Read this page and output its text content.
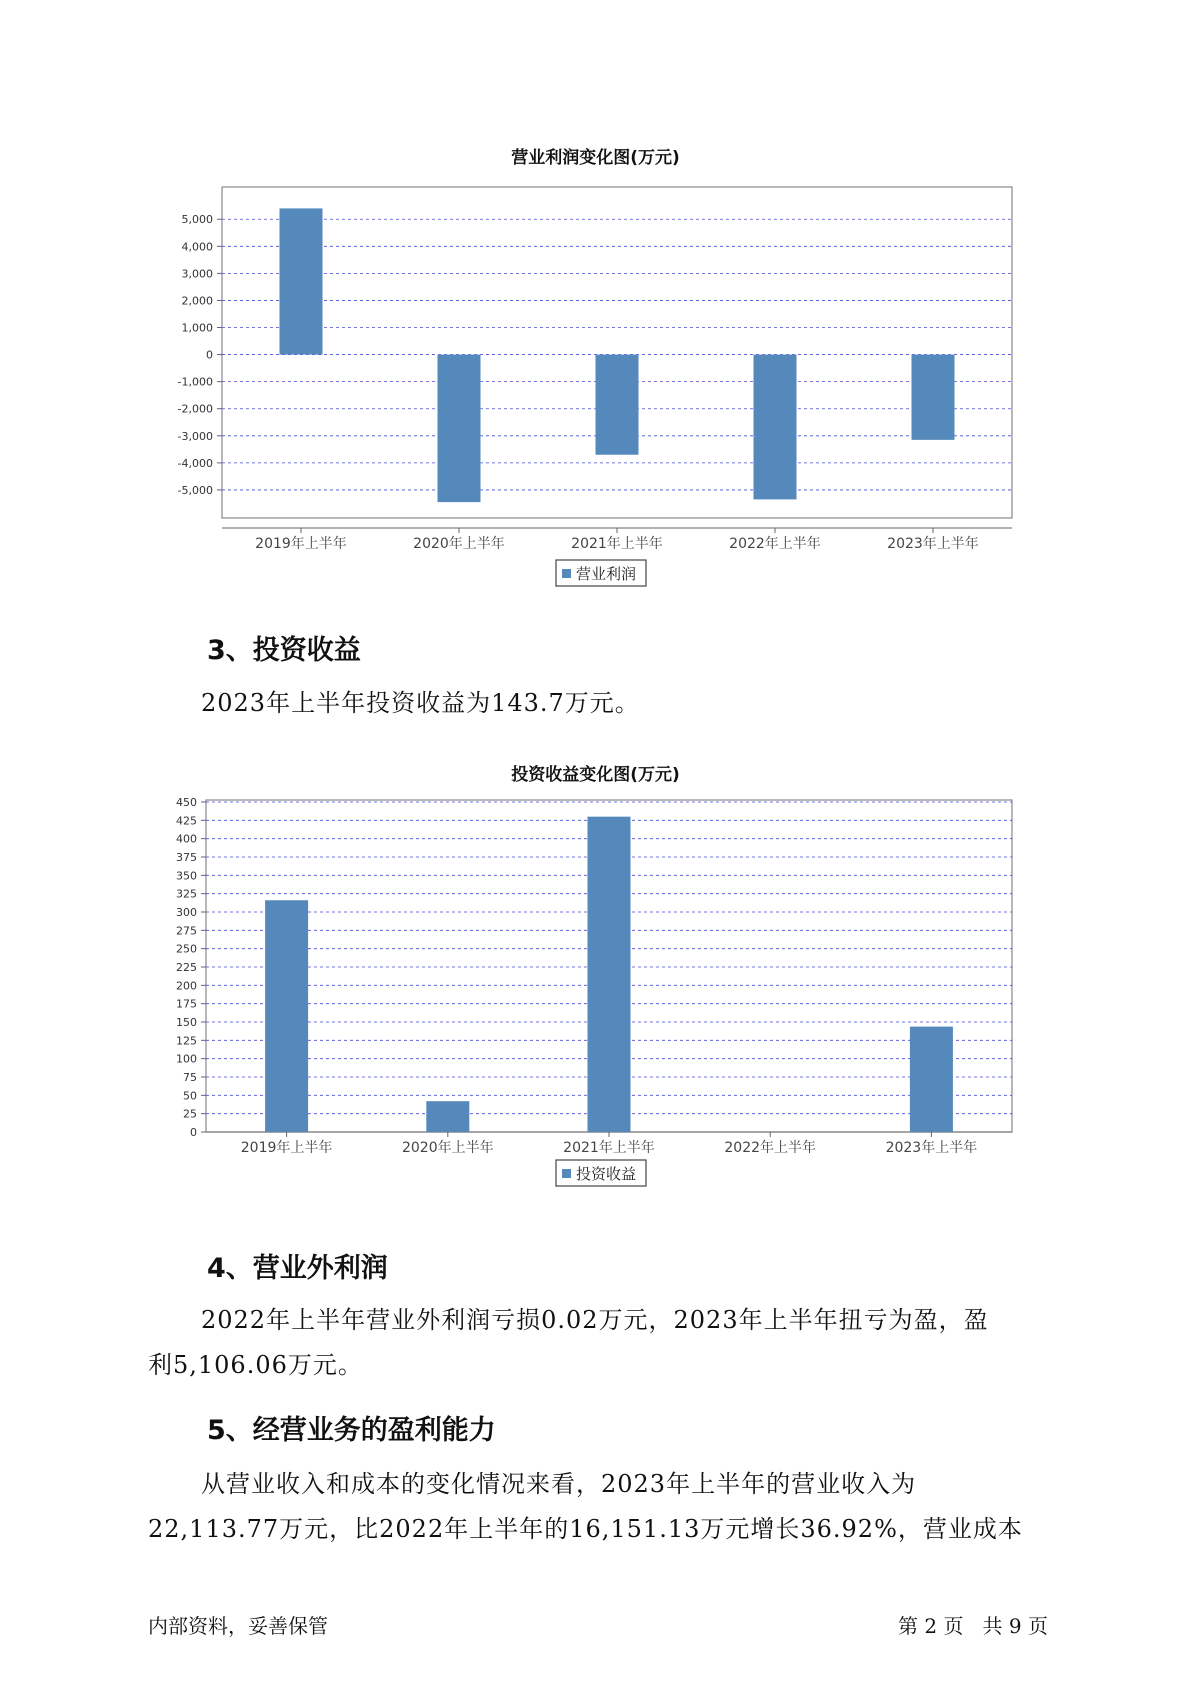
营业利润变化图(万元)
5,000
4,000
3,000
2,000
1,000
0
-1,000
-2,000
-3,000
-4,000
-5,000
2019年上半年	2020年上半年	2021年上半年	2022年上半年	2023年上半年
营业利润
3、投资收益
2023年上半年投资收益为143.7万元。
投资收益变化图(万元)
450
425
400
375
350
325
300
275
250
225
200
175
150
125
100
75
50
25
0
2019年上半年	2020年上半年	2021年上半年	2022年上半年	2023年上半年
投资收益
4、营业外利润
2022年上半年营业外利润亏损0.02万元，2023年上半年扭亏为盈，盈
利5,106.06万元。
5、经营业务的盈利能力
从营业收入和成本的变化情况来看，2023年上半年的营业收入为
22,113.77万元，比2022年上半年的16,151.13万元增长36.92%，营业成本
内部资料，妥善保管	第 2 页   共 9 页
